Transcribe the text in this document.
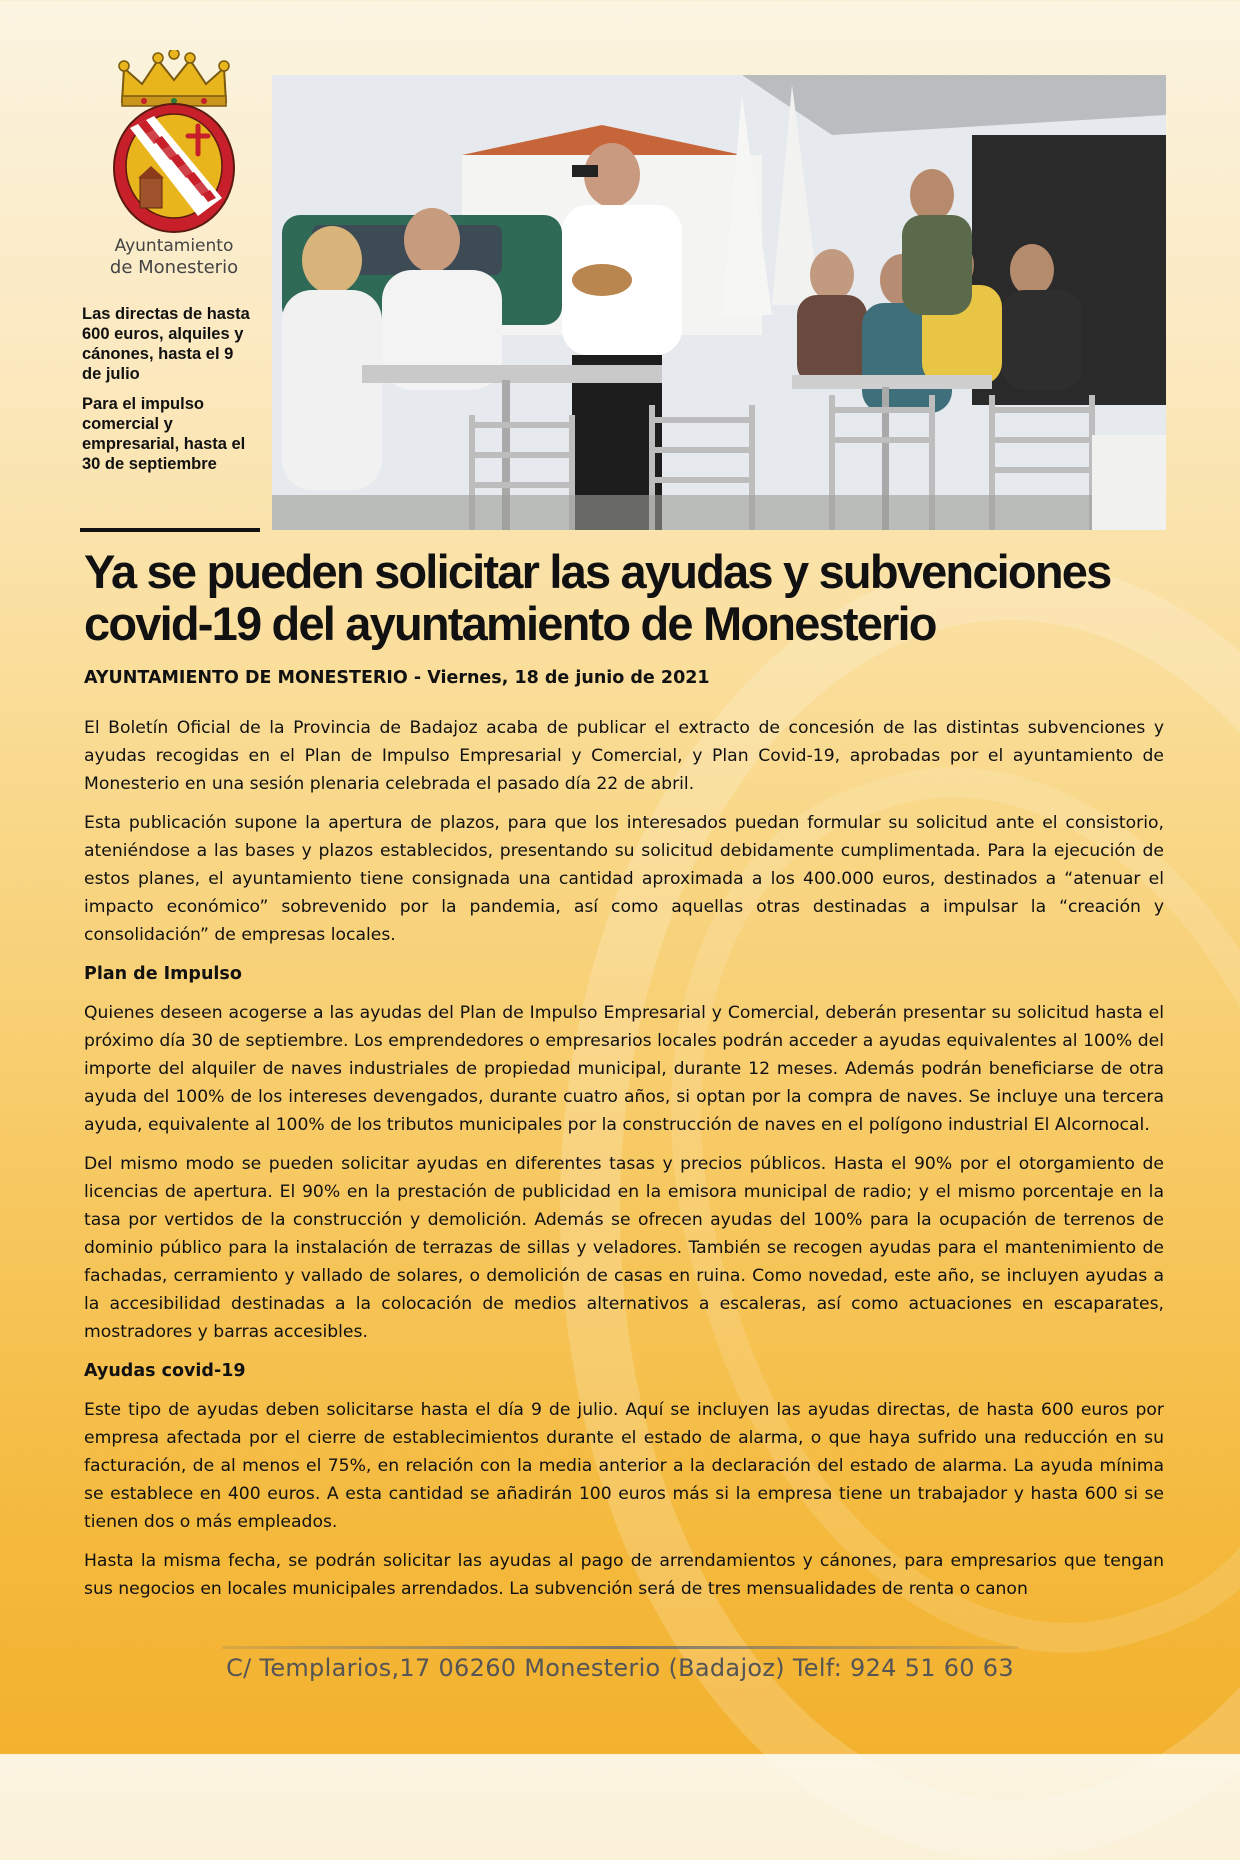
Ayuntamiento
de Monesterio

Las directas de hasta 600 euros, alquiles y cánones, hasta el 9 de julio

Para el impulso comercial y empresarial, hasta el 30 de septiembre

Ya se pueden solicitar las ayudas y subvenciones covid-19 del ayuntamiento de Monesterio

AYUNTAMIENTO DE MONESTERIO - Viernes, 18 de junio de 2021

El Boletín Oficial de la Provincia de Badajoz acaba de publicar el extracto de concesión de las distintas subvenciones y ayudas recogidas en el Plan de Impulso Empresarial y Comercial, y Plan Covid-19, aprobadas por el ayuntamiento de Monesterio en una sesión plenaria celebrada el pasado día 22 de abril.

Esta publicación supone la apertura de plazos, para que los interesados puedan formular su solicitud ante el consistorio, ateniéndose a las bases y plazos establecidos, presentando su solicitud debidamente cumplimentada. Para la ejecución de estos planes, el ayuntamiento tiene consignada una cantidad aproximada a los 400.000 euros, destinados a “atenuar el impacto económico” sobrevenido por la pandemia, así como aquellas otras destinadas a impulsar la “creación y consolidación” de empresas locales.

Plan de Impulso

Quienes deseen acogerse a las ayudas del Plan de Impulso Empresarial y Comercial, deberán presentar su solicitud hasta el próximo día 30 de septiembre. Los emprendedores o empresarios locales podrán acceder a ayudas equivalentes al 100% del importe del alquiler de naves industriales de propiedad municipal, durante 12 meses. Además podrán beneficiarse de otra ayuda del 100% de los intereses devengados, durante cuatro años, si optan por la compra de naves. Se incluye una tercera ayuda, equivalente al 100% de los tributos municipales por la construcción de naves en el polígono industrial El Alcornocal.

Del mismo modo se pueden solicitar ayudas en diferentes tasas y precios públicos. Hasta el 90% por el otorgamiento de licencias de apertura. El 90% en la prestación de publicidad en la emisora municipal de radio; y el mismo porcentaje en la tasa por vertidos de la construcción y demolición. Además se ofrecen ayudas del 100% para la ocupación de terrenos de dominio público para la instalación de terrazas de sillas y veladores. También se recogen ayudas para el mantenimiento de fachadas, cerramiento y vallado de solares, o demolición de casas en ruina. Como novedad, este año, se incluyen ayudas a la accesibilidad destinadas a la colocación de medios alternativos a escaleras, así como actuaciones en escaparates, mostradores y barras accesibles.

Ayudas covid-19

Este tipo de ayudas deben solicitarse hasta el día 9 de julio. Aquí se incluyen las ayudas directas, de hasta 600 euros por empresa afectada por el cierre de establecimientos durante el estado de alarma, o que haya sufrido una reducción en su facturación, de al menos el 75%, en relación con la media anterior a la declaración del estado de alarma. La ayuda mínima se establece en 400 euros. A esta cantidad se añadirán 100 euros más si la empresa tiene un trabajador y hasta 600 si se tienen dos o más empleados.

Hasta la misma fecha, se podrán solicitar las ayudas al pago de arrendamientos y cánones, para empresarios que tengan sus negocios en locales municipales arrendados. La subvención será de tres mensualidades de renta o canon

C/ Templarios,17 06260 Monesterio (Badajoz) Telf: 924 51 60 63
